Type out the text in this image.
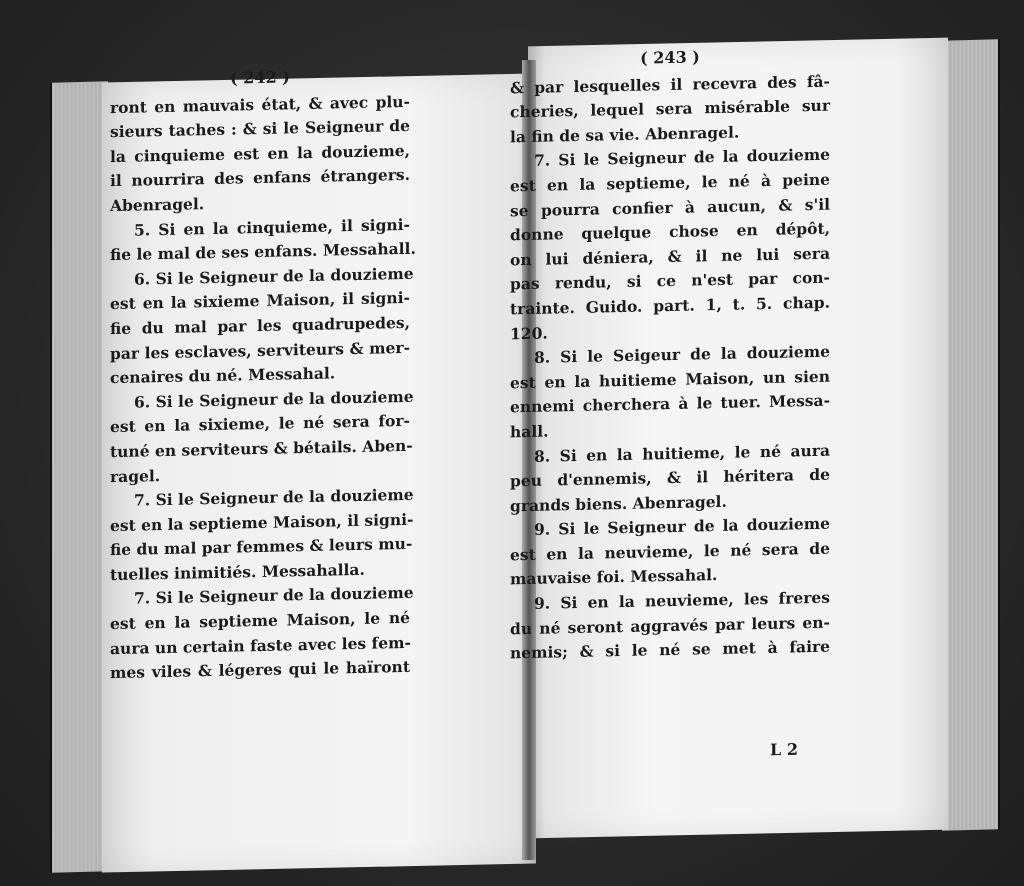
( 242 )
ront en mauvais état, & avec plu-
sieurs taches : & si le Seigneur de
la cinquieme est en la douzieme,
il nourrira des enfans étrangers.
Abenragel.
5. Si en la cinquieme, il signi-
fie le mal de ses enfans. Messahall.
6. Si le Seigneur de la douzieme
est en la sixieme Maison, il signi-
fie du mal par les quadrupedes,
par les esclaves, serviteurs & mer-
cenaires du né. Messahal.
6. Si le Seigneur de la douzieme
est en la sixieme, le né sera for-
tuné en serviteurs & bétails. Aben-
ragel.
7. Si le Seigneur de la douzieme
est en la septieme Maison, il signi-
fie du mal par femmes & leurs mu-
tuelles inimitiés. Messahalla.
7. Si le Seigneur de la douzieme
est en la septieme Maison, le né
aura un certain faste avec les fem-
mes viles & légeres qui le haïront
( 243 )
& par lesquelles il recevra des fâ-
cheries, lequel sera misérable sur
la fin de sa vie. Abenragel.
7. Si le Seigneur de la douzieme
est en la septieme, le né à peine
se pourra confier à aucun, & s'il
donne quelque chose en dépôt,
on lui déniera, & il ne lui sera
pas rendu, si ce n'est par con-
trainte. Guido. part. 1, t. 5. chap.
120.
8. Si le Seigeur de la douzieme
est en la huitieme Maison, un sien
ennemi cherchera à le tuer. Messa-
hall.
8. Si en la huitieme, le né aura
peu d'ennemis, & il héritera de
grands biens. Abenragel.
9. Si le Seigneur de la douzieme
est en la neuvieme, le né sera de
mauvaise foi. Messahal.
9. Si en la neuvieme, les freres
du né seront aggravés par leurs en-
nemis; & si le né se met à faire
L 2
